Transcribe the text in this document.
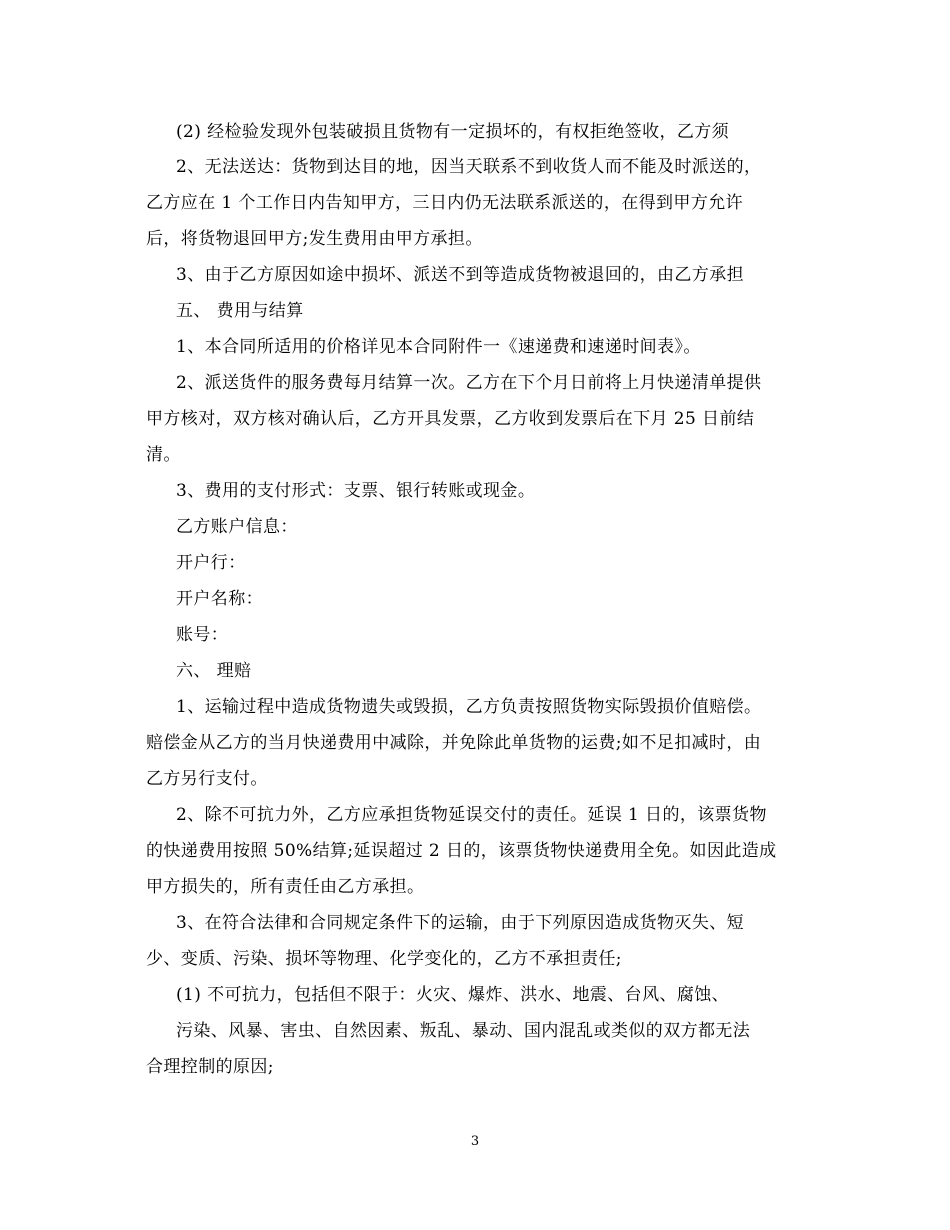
(2) 经检验发现外包装破损且货物有一定损坏的，有权拒绝签收，乙方须
2、无法送达：货物到达目的地，因当天联系不到收货人而不能及时派送的，
乙方应在 1 个工作日内告知甲方，三日内仍无法联系派送的，在得到甲方允许
后，将货物退回甲方;发生费用由甲方承担。
3、由于乙方原因如途中损坏、派送不到等造成货物被退回的，由乙方承担
五、 费用与结算
1、本合同所适用的价格详见本合同附件一《速递费和速递时间表》。
2、派送货件的服务费每月结算一次。乙方在下个月日前将上月快递清单提供
甲方核对，双方核对确认后，乙方开具发票，乙方收到发票后在下月 25 日前结
清。
3、费用的支付形式：支票、银行转账或现金。
乙方账户信息：
开户行：
开户名称：
账号：
六、 理赔
1、运输过程中造成货物遗失或毁损，乙方负责按照货物实际毁损价值赔偿。
赔偿金从乙方的当月快递费用中减除，并免除此单货物的运费;如不足扣减时，由
乙方另行支付。
2、除不可抗力外，乙方应承担货物延误交付的责任。延误 1 日的，该票货物
的快递费用按照 50%结算;延误超过 2 日的，该票货物快递费用全免。如因此造成
甲方损失的，所有责任由乙方承担。
3、在符合法律和合同规定条件下的运输，由于下列原因造成货物灭失、短
少、变质、污染、损坏等物理、化学变化的，乙方不承担责任;
(1) 不可抗力，包括但不限于：火灾、爆炸、洪水、地震、台风、腐蚀、
污染、风暴、害虫、自然因素、叛乱、暴动、国内混乱或类似的双方都无法
合理控制的原因;
3
